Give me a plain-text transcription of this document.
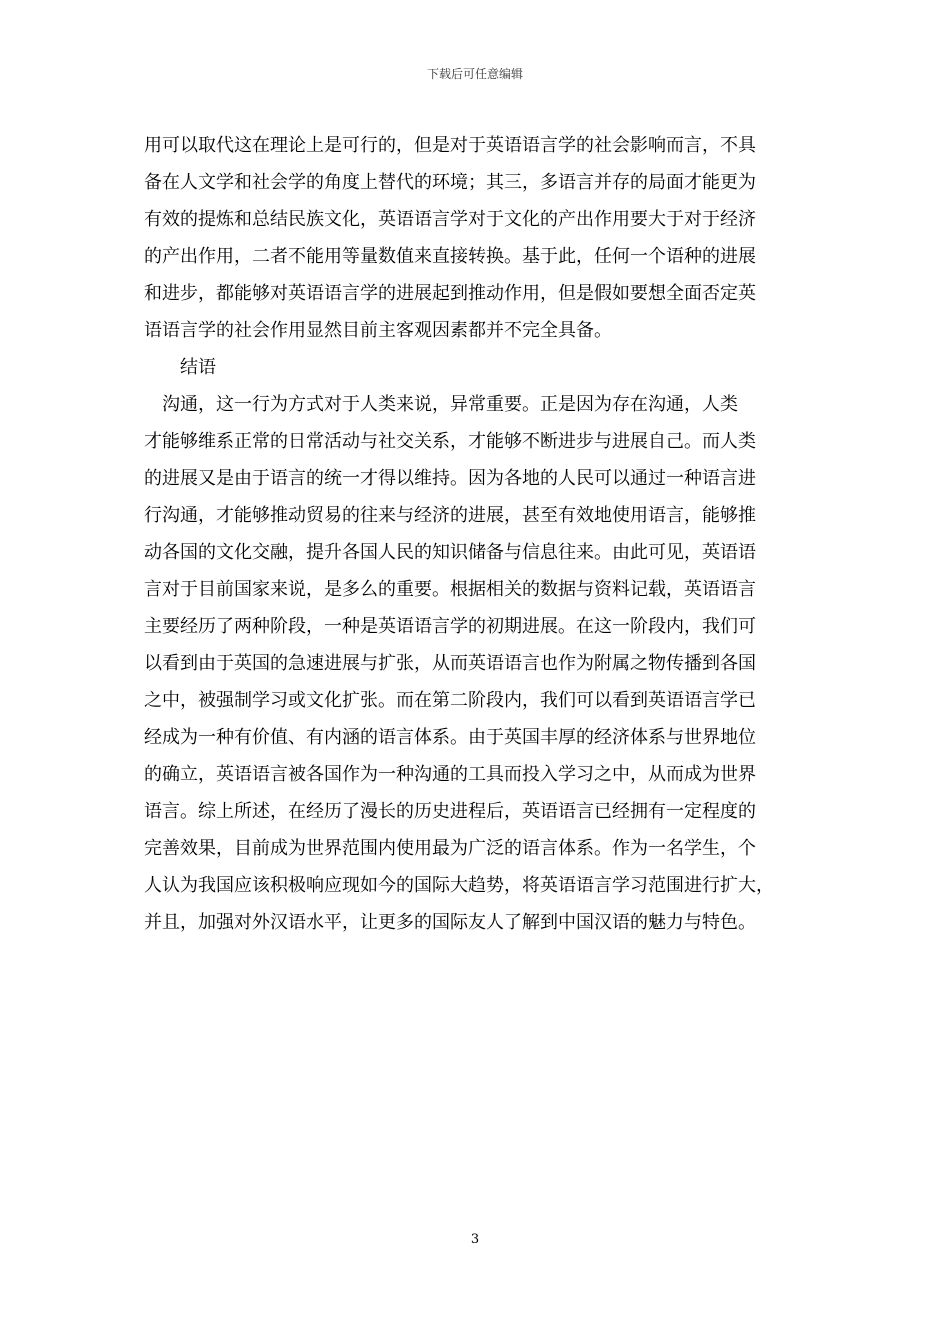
下载后可任意编辑
用可以取代这在理论上是可行的，但是对于英语语言学的社会影响而言，不具
备在人文学和社会学的角度上替代的环境；其三，多语言并存的局面才能更为
有效的提炼和总结民族文化，英语语言学对于文化的产出作用要大于对于经济
的产出作用，二者不能用等量数值来直接转换。基于此，任何一个语种的进展
和进步，都能够对英语语言学的进展起到推动作用，但是假如要想全面否定英
语语言学的社会作用显然目前主客观因素都并不完全具备。
结语
　沟通，这一行为方式对于人类来说，异常重要。正是因为存在沟通，人类
才能够维系正常的日常活动与社交关系，才能够不断进步与进展自己。而人类
的进展又是由于语言的统一才得以维持。因为各地的人民可以通过一种语言进
行沟通，才能够推动贸易的往来与经济的进展，甚至有效地使用语言，能够推
动各国的文化交融，提升各国人民的知识储备与信息往来。由此可见，英语语
言对于目前国家来说，是多么的重要。根据相关的数据与资料记载，英语语言
主要经历了两种阶段，一种是英语语言学的初期进展。在这一阶段内，我们可
以看到由于英国的急速进展与扩张，从而英语语言也作为附属之物传播到各国
之中，被强制学习或文化扩张。而在第二阶段内，我们可以看到英语语言学已
经成为一种有价值、有内涵的语言体系。由于英国丰厚的经济体系与世界地位
的确立，英语语言被各国作为一种沟通的工具而投入学习之中，从而成为世界
语言。综上所述，在经历了漫长的历史进程后，英语语言已经拥有一定程度的
完善效果，目前成为世界范围内使用最为广泛的语言体系。作为一名学生，个
人认为我国应该积极响应现如今的国际大趋势，将英语语言学习范围进行扩大，
并且，加强对外汉语水平，让更多的国际友人了解到中国汉语的魅力与特色。
3
